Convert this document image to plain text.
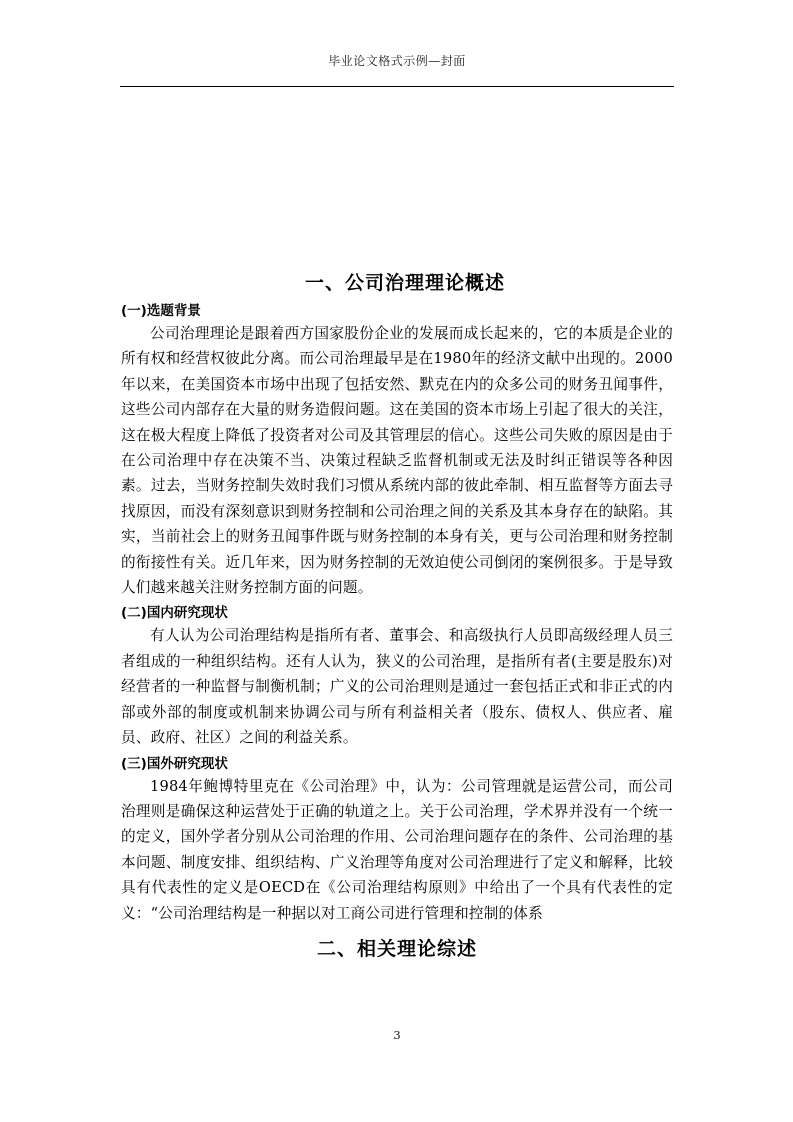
毕业论文格式示例—封面
一、公司治理理论概述
(一)选题背景

公司治理理论是跟着西方国家股份企业的发展而成长起来的，它的本质是企业的所有权和经营权彼此分离。而公司治理最早是在1980年的经济文献中出现的。2000年以来，在美国资本市场中出现了包括安然、默克在内的众多公司的财务丑闻事件，这些公司内部存在大量的财务造假问题。这在美国的资本市场上引起了很大的关注，这在极大程度上降低了投资者对公司及其管理层的信心。这些公司失败的原因是由于在公司治理中存在决策不当、决策过程缺乏监督机制或无法及时纠正错误等各种因素。过去，当财务控制失效时我们习惯从系统内部的彼此牵制、相互监督等方面去寻找原因，而没有深刻意识到财务控制和公司治理之间的关系及其本身存在的缺陷。其实，当前社会上的财务丑闻事件既与财务控制的本身有关，更与公司治理和财务控制的衔接性有关。近几年来，因为财务控制的无效迫使公司倒闭的案例很多。于是导致人们越来越关注财务控制方面的问题。

(二)国内研究现状

有人认为公司治理结构是指所有者、董事会、和高级执行人员即高级经理人员三者组成的一种组织结构。还有人认为，狭义的公司治理，是指所有者(主要是股东)对经营者的一种监督与制衡机制；广义的公司治理则是通过一套包括正式和非正式的内部或外部的制度或机制来协调公司与所有利益相关者（股东、债权人、供应者、雇员、政府、社区）之间的利益关系。

(三)国外研究现状

1984年鲍博特里克在《公司治理》中，认为：公司管理就是运营公司，而公司治理则是确保这种运营处于正确的轨道之上。关于公司治理，学术界并没有一个统一的定义，国外学者分别从公司治理的作用、公司治理问题存在的条件、公司治理的基本问题、制度安排、组织结构、广义治理等角度对公司治理进行了定义和解释，比较具有代表性的定义是OECD在《公司治理结构原则》中给出了一个具有代表性的定义：“公司治理结构是一种据以对工商公司进行管理和控制的体系

二、相关理论综述
3
